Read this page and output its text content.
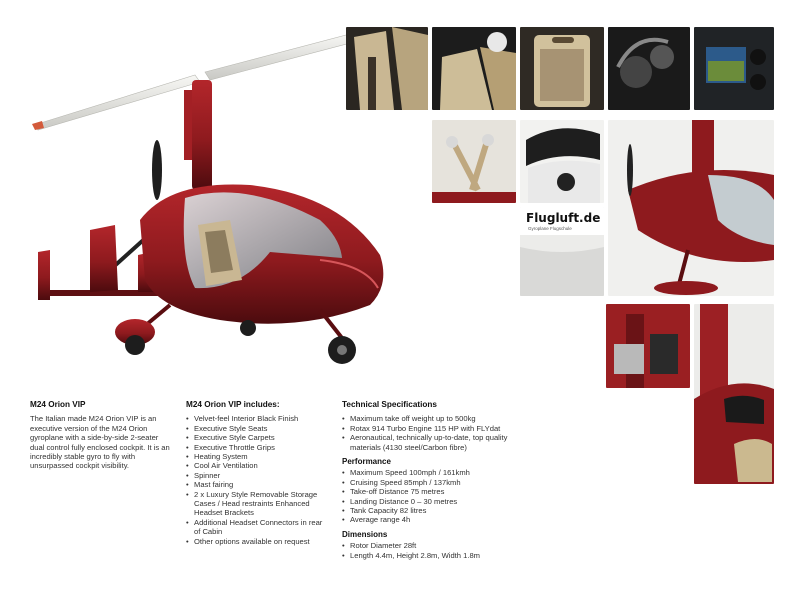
Flugluft.de
Gyroplane Flugschule
M24 Orion VIP

The Italian made M24 Orion VIP is an executive version of the M24 Orion gyroplane with a side-by-side 2-seater dual control fully enclosed cockpit. It is an incredibly stable gyro to fly with unsurpassed cockpit visibility.

M24 Orion VIP includes:
• Velvet-feel Interior Black Finish
• Executive Style Seats
• Executive Style Carpets
• Executive Throttle Grips
• Heating System
• Cool Air Ventilation
• Spinner
• Mast fairing
• 2 x Luxury Style Removable Storage Cases / Head restraints Enhanced Headset Brackets
• Additional Headset Connectors in rear of Cabin
• Other options available on request
Technical Specifications
• Maximum take off weight up to 500kg
• Rotax 914 Turbo Engine 115 HP with FLYdat
• Aeronautical, technically up-to-date, top quality materials (4130 steel/Carbon fibre)
Performance
• Maximum Speed 100mph / 161kmh
• Cruising Speed 85mph / 137kmh
• Take-off Distance 75 metres
• Landing Distance 0 – 30 metres
• Tank Capacity 82 litres
• Average range 4h
Dimensions
• Rotor Diameter 28ft
• Length 4.4m, Height 2.8m, Width 1.8m
